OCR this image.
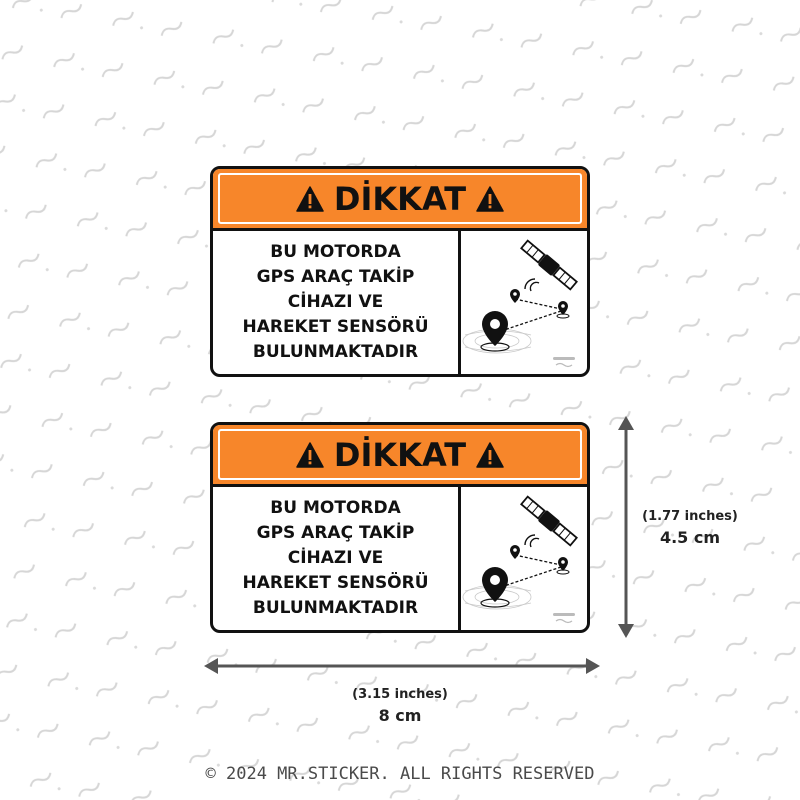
DİKKAT

BU MOTORDA
GPS ARAÇ TAKİP
CİHAZI VE
HAREKET SENSÖRÜ
BULUNMAKTADIR

DİKKAT

BU MOTORDA
GPS ARAÇ TAKİP
CİHAZI VE
HAREKET SENSÖRÜ
BULUNMAKTADIR

(1.77 inches)
4.5 cm
(3.15 inches)
8 cm
© 2024 MR.STICKER. ALL RIGHTS RESERVED
